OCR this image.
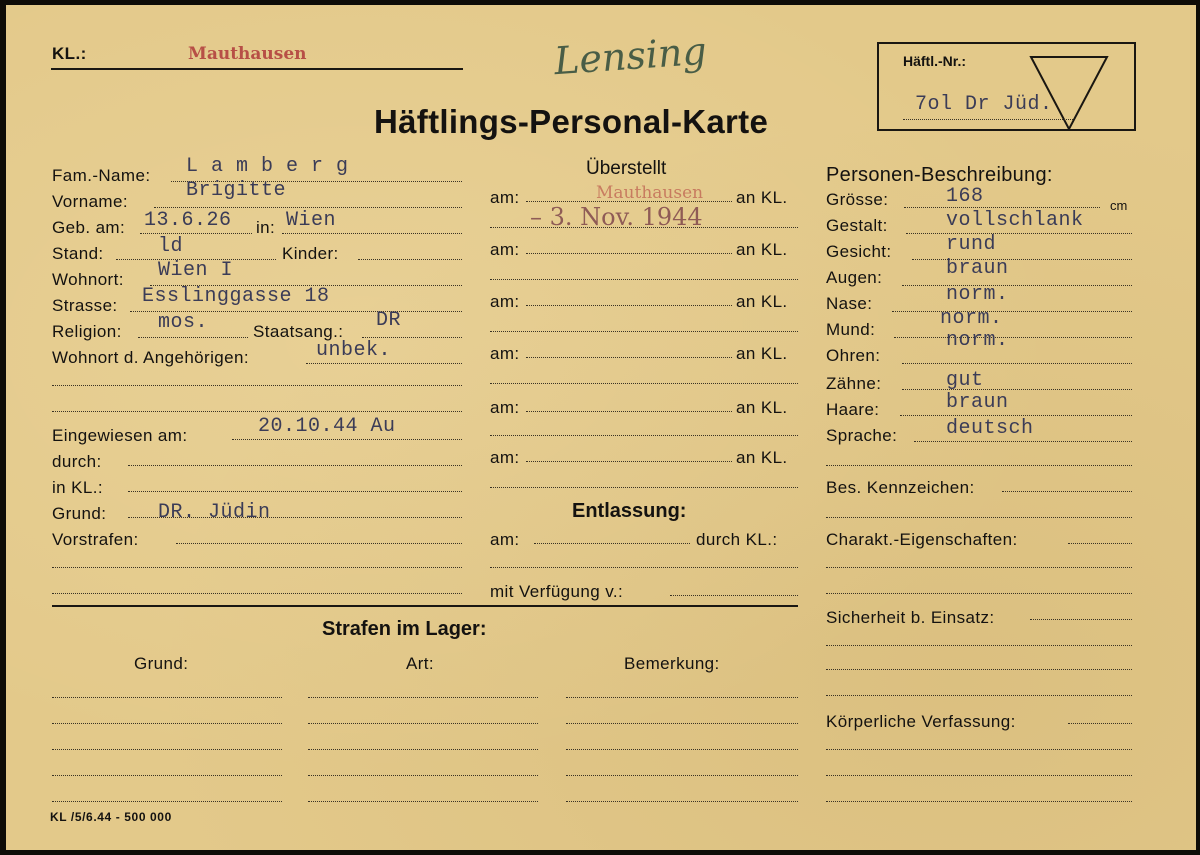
KL.:	Mauthausen	Lensing
Häftlings-Personal-Karte
Häftl.-Nr.:
7ol Dr Jüd.
Fam.-Name: L a m b e r g
Vorname:	Brigitte
Geb. am: 13.6.26 in: Wien
Stand:	ld	Kinder:
Wohnort: Wien I
Strasse: Esslinggasse 18
Religion: mos.	Staatsang.: DR
Wohnort d. Angehörigen:	unbek.
Eingewiesen am:	20.10.44 Au
durch:
in KL.:
Grund:	DR. Jüdin
Vorstrafen:
Überstellt
am:	an KL.
Mauthausen
– 3. Nov. 1944
am:	an KL.
am:	an KL.
am:	an KL.
am:	an KL.
am:	an KL.
Entlassung:
am:	durch KL.:
mit Verfügung v.:
Personen-Beschreibung:
Grösse:	168	cm
Gestalt:	vollschlank
Gesicht:	rund
Augen:	braun
Nase:	norm.
Mund:	norm.
Ohren:
norm.
Zähne:	gut
Haare:	braun
Sprache: deutsch
Bes. Kennzeichen:
Charakt.-Eigenschaften:
Sicherheit b. Einsatz:
Körperliche Verfassung:
Strafen im Lager:
Grund:	Art:	Bemerkung:
KL /5/6.44 - 500 000
